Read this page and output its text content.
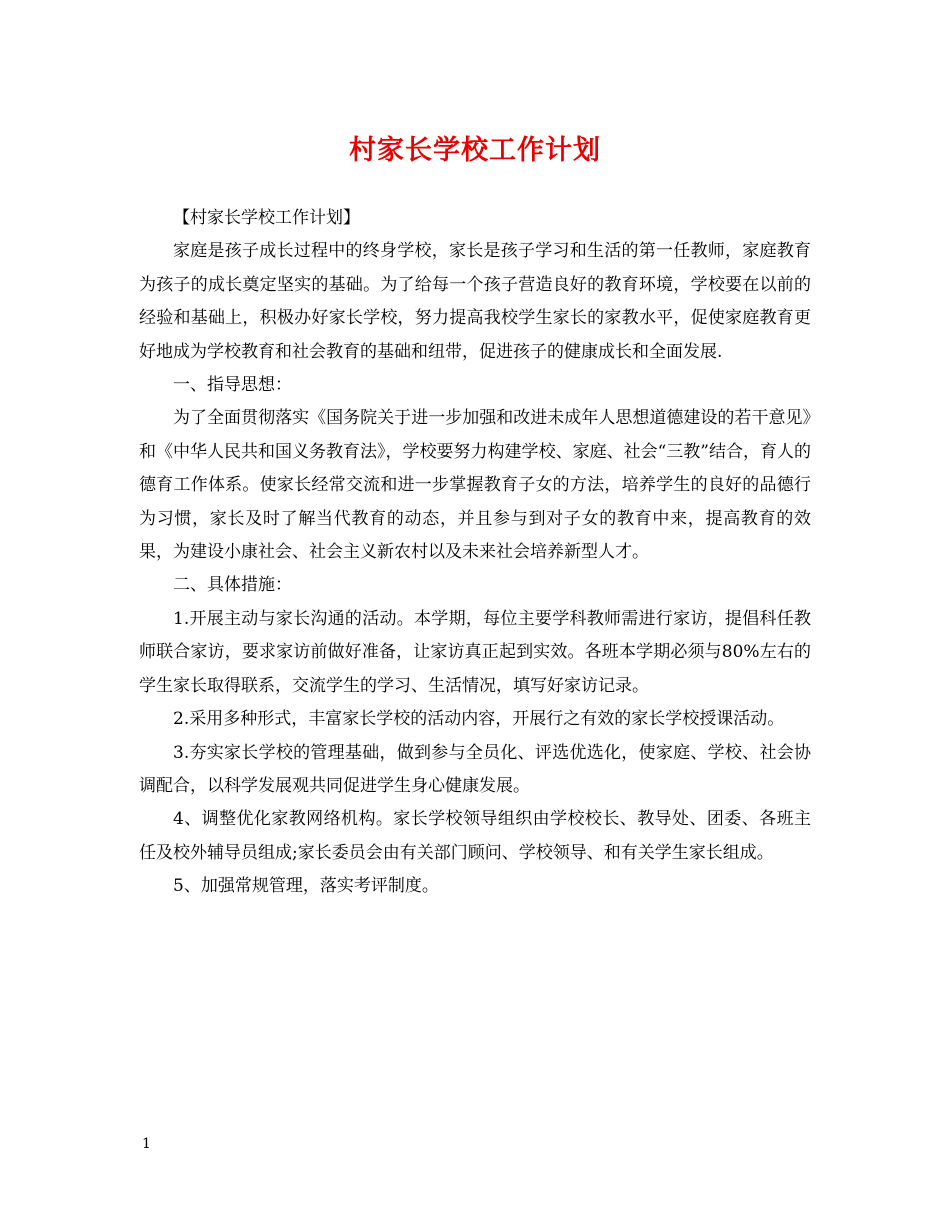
村家长学校工作计划

【村家长学校工作计划】

家庭是孩子成长过程中的终身学校，家长是孩子学习和生活的第一任教师，家庭教育为孩子的成长奠定坚实的基础。为了给每一个孩子营造良好的教育环境，学校要在以前的经验和基础上，积极办好家长学校，努力提高我校学生家长的家教水平，促使家庭教育更好地成为学校教育和社会教育的基础和纽带，促进孩子的健康成长和全面发展.

一、指导思想：

为了全面贯彻落实《国务院关于进一步加强和改进未成年人思想道德建设的若干意见》和《中华人民共和国义务教育法》，学校要努力构建学校、家庭、社会“三教”结合，育人的德育工作体系。使家长经常交流和进一步掌握教育子女的方法，培养学生的良好的品德行为习惯，家长及时了解当代教育的动态，并且参与到对子女的教育中来，提高教育的效果，为建设小康社会、社会主义新农村以及未来社会培养新型人才。

二、具体措施：

1.开展主动与家长沟通的活动。本学期，每位主要学科教师需进行家访，提倡科任教师联合家访，要求家访前做好准备，让家访真正起到实效。各班本学期必须与80%左右的学生家长取得联系，交流学生的学习、生活情况，填写好家访记录。

2.采用多种形式，丰富家长学校的活动内容，开展行之有效的家长学校授课活动。

3.夯实家长学校的管理基础，做到参与全员化、评选优选化，使家庭、学校、社会协调配合，以科学发展观共同促进学生身心健康发展。

4、调整优化家教网络机构。家长学校领导组织由学校校长、教导处、团委、各班主任及校外辅导员组成;家长委员会由有关部门顾问、学校领导、和有关学生家长组成。

5、加强常规管理，落实考评制度。

1
